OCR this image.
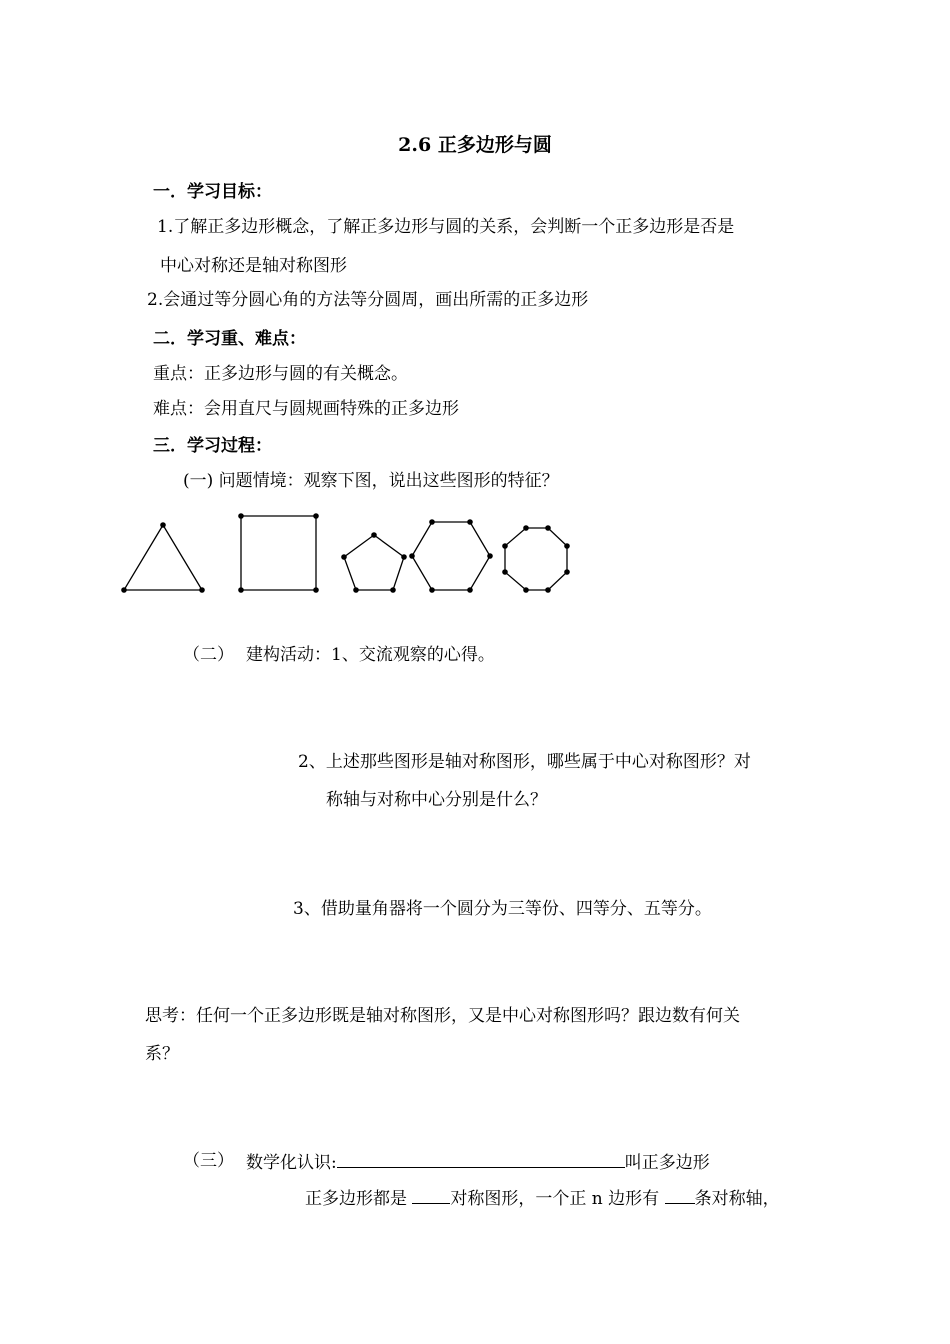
2.6 正多边形与圆
一．学习目标：
1.了解正多边形概念，了解正多边形与圆的关系，会判断一个正多边形是否是
中心对称还是轴对称图形
2.会通过等分圆心角的方法等分圆周，画出所需的正多边形
二．学习重、难点：
重点：正多边形与圆的有关概念。
难点：会用直尺与圆规画特殊的正多边形
三．学习过程：
(一) 问题情境：观察下图，说出这些图形的特征？
（二） 建构活动：1、交流观察的心得。
2、上述那些图形是轴对称图形，哪些属于中心对称图形？对
称轴与对称中心分别是什么？
3、借助量角器将一个圆分为三等份、四等分、五等分。
思考：任何一个正多边形既是轴对称图形，又是中心对称图形吗？跟边数有何关
系？
（三） 数学化认识:	叫正多边形
正多边形都是 对称图形，一个正 n 边形有 条对称轴，
